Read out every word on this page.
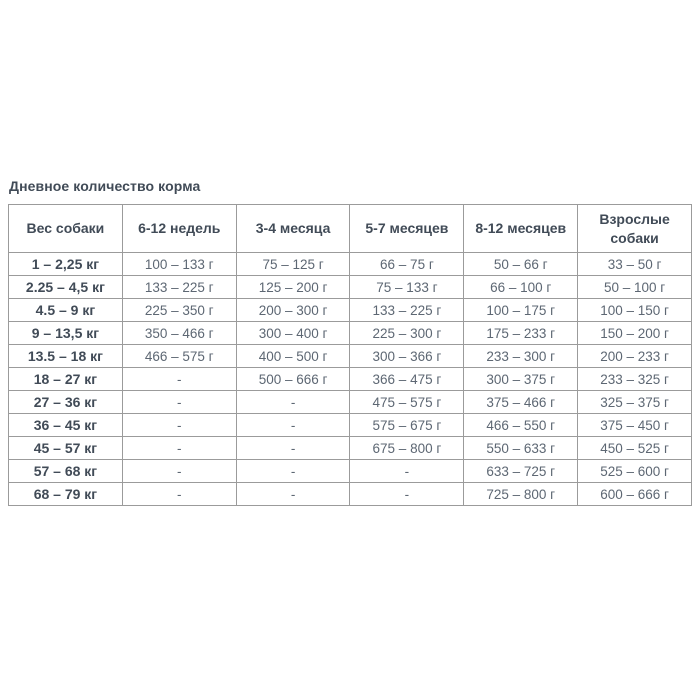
Дневное количество корма
Вес собаки	6-12 недель	3-4 месяца	5-7 месяцев	8-12 месяцев	Взрослые собаки
1 – 2,25 кг	100 – 133 г	75 – 125 г	66 – 75 г	50 – 66 г	33 – 50 г
2.25 – 4,5 кг	133 – 225 г	125 – 200 г	75 – 133 г	66 – 100 г	50 – 100 г
4.5 – 9 кг	225 – 350 г	200 – 300 г	133 – 225 г	100 – 175 г	100 – 150 г
9 – 13,5 кг	350 – 466 г	300 – 400 г	225 – 300 г	175 – 233 г	150 – 200 г
13.5 – 18 кг	466 – 575 г	400 – 500 г	300 – 366 г	233 – 300 г	200 – 233 г
18 – 27 кг	-	500 – 666 г	366 – 475 г	300 – 375 г	233 – 325 г
27 – 36 кг	-	-	475 – 575 г	375 – 466 г	325 – 375 г
36 – 45 кг	-	-	575 – 675 г	466 – 550 г	375 – 450 г
45 – 57 кг	-	-	675 – 800 г	550 – 633 г	450 – 525 г
57 – 68 кг	-	-	-	633 – 725 г	525 – 600 г
68 – 79 кг	-	-	-	725 – 800 г	600 – 666 г
